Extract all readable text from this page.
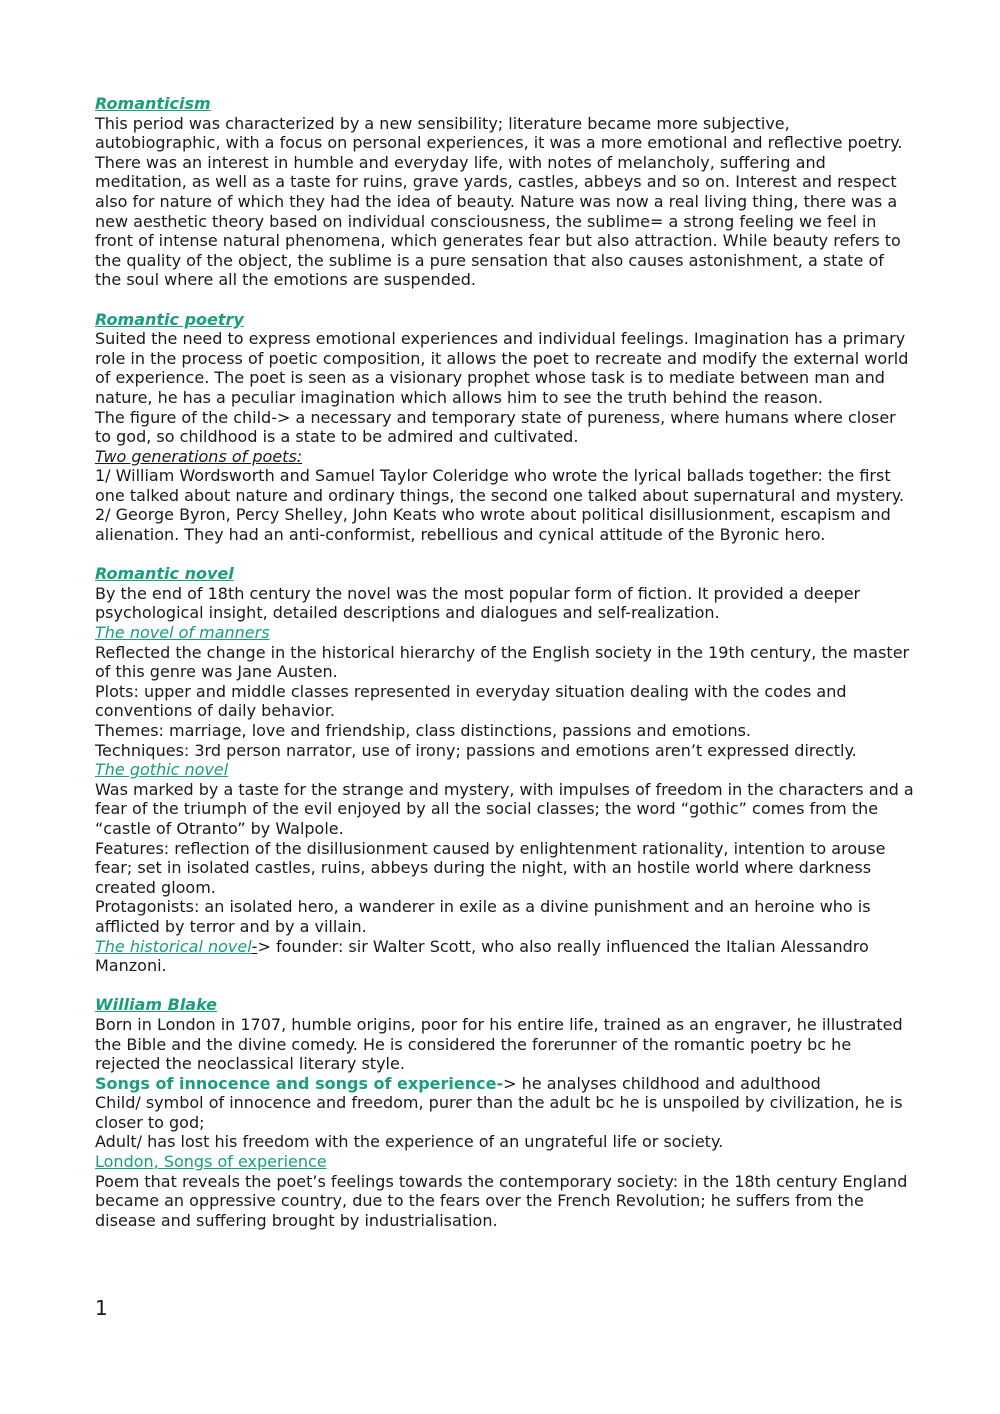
Romanticism

This period was characterized by a new sensibility; literature became more subjective, autobiographic, with a focus on personal experiences, it was a more emotional and reflective poetry. There was an interest in humble and everyday life, with notes of melancholy, suffering and meditation, as well as a taste for ruins, grave yards, castles, abbeys and so on. Interest and respect also for nature of which they had the idea of beauty. Nature was now a real living thing, there was a new aesthetic theory based on individual consciousness, the sublime= a strong feeling we feel in front of intense natural phenomena, which generates fear but also attraction. While beauty refers to the quality of the object, the sublime is a pure sensation that also causes astonishment, a state of the soul where all the emotions are suspended.

Romantic poetry

Suited the need to express emotional experiences and individual feelings. Imagination has a primary role in the process of poetic composition, it allows the poet to recreate and modify the external world of experience. The poet is seen as a visionary prophet whose task is to mediate between man and nature, he has a peculiar imagination which allows him to see the truth behind the reason.

The figure of the child-> a necessary and temporary state of pureness, where humans where closer to god, so childhood is a state to be admired and cultivated.

Two generations of poets:

1/ William Wordsworth and Samuel Taylor Coleridge who wrote the lyrical ballads together: the first one talked about nature and ordinary things, the second one talked about supernatural and mystery.

2/ George Byron, Percy Shelley, John Keats who wrote about political disillusionment, escapism and alienation. They had an anti-conformist, rebellious and cynical attitude of the Byronic hero.

Romantic novel

By the end of 18th century the novel was the most popular form of fiction. It provided a deeper psychological insight, detailed descriptions and dialogues and self-realization.

The novel of manners

Reflected the change in the historical hierarchy of the English society in the 19th century, the master of this genre was Jane Austen.

Plots: upper and middle classes represented in everyday situation dealing with the codes and conventions of daily behavior.

Themes: marriage, love and friendship, class distinctions, passions and emotions.

Techniques: 3rd person narrator, use of irony; passions and emotions aren’t expressed directly.

The gothic novel

Was marked by a taste for the strange and mystery, with impulses of freedom in the characters and a fear of the triumph of the evil enjoyed by all the social classes; the word “gothic” comes from the “castle of Otranto” by Walpole.

Features: reflection of the disillusionment caused by enlightenment rationality, intention to arouse fear; set in isolated castles, ruins, abbeys during the night, with an hostile world where darkness created gloom.

Protagonists: an isolated hero, a wanderer in exile as a divine punishment and an heroine who is afflicted by terror and by a villain.

The historical novel-> founder: sir Walter Scott, who also really influenced the Italian Alessandro Manzoni.

William Blake

Born in London in 1707, humble origins, poor for his entire life, trained as an engraver, he illustrated the Bible and the divine comedy. He is considered the forerunner of the romantic poetry bc he rejected the neoclassical literary style.

Songs of innocence and songs of experience-> he analyses childhood and adulthood

Child/ symbol of innocence and freedom, purer than the adult bc he is unspoiled by civilization, he is closer to god;

Adult/ has lost his freedom with the experience of an ungrateful life or society.

London, Songs of experience

Poem that reveals the poet’s feelings towards the contemporary society: in the 18th century England became an oppressive country, due to the fears over the French Revolution; he suffers from the disease and suffering brought by industrialisation.

1
